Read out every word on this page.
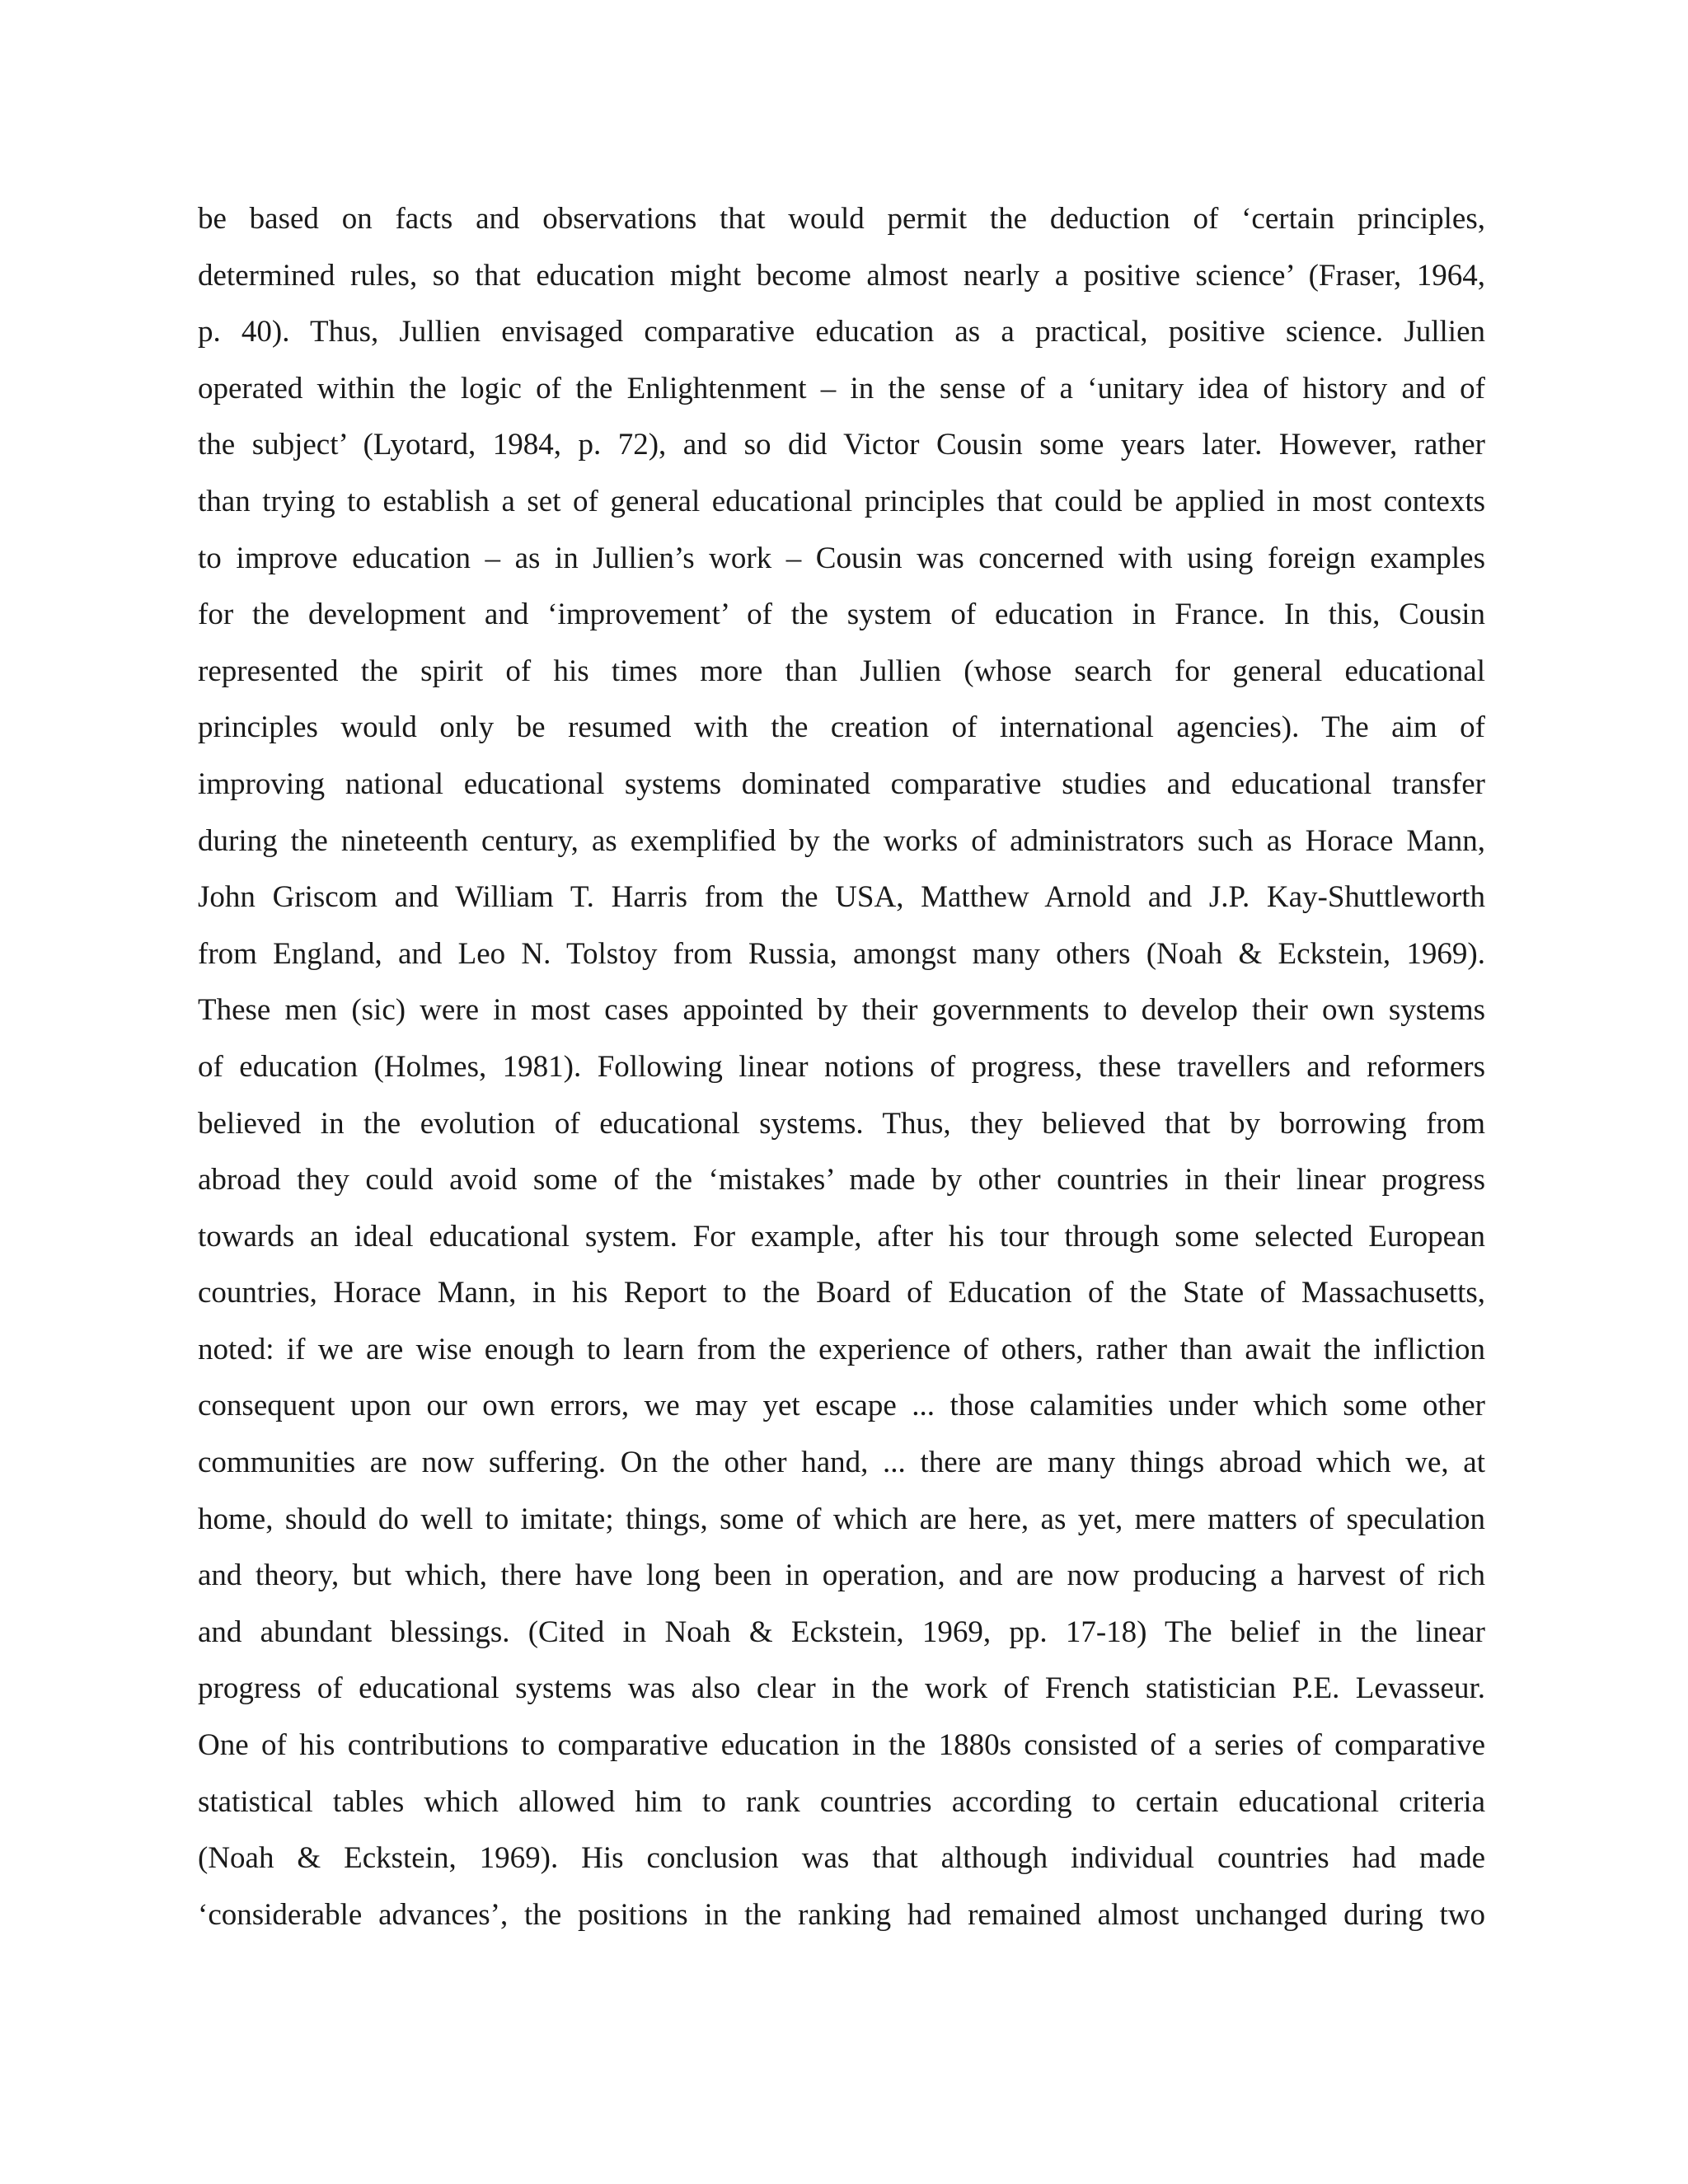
be based on facts and observations that would permit the deduction of ‘certain principles,
determined rules, so that education might become almost nearly a positive science’ (Fraser, 1964,
p. 40). Thus, Jullien envisaged comparative education as a practical, positive science. Jullien
operated within the logic of the Enlightenment – in the sense of a ‘unitary idea of history and of
the subject’ (Lyotard, 1984, p. 72), and so did Victor Cousin some years later. However, rather
than trying to establish a set of general educational principles that could be applied in most contexts
to improve education – as in Jullien’s work – Cousin was concerned with using foreign examples
for the development and ‘improvement’ of the system of education in France. In this, Cousin
represented the spirit of his times more than Jullien (whose search for general educational
principles would only be resumed with the creation of international agencies). The aim of
improving national educational systems dominated comparative studies and educational transfer
during the nineteenth century, as exemplified by the works of administrators such as Horace Mann,
John Griscom and William T. Harris from the USA, Matthew Arnold and J.P. Kay-Shuttleworth
from England, and Leo N. Tolstoy from Russia, amongst many others (Noah & Eckstein, 1969).
These men (sic) were in most cases appointed by their governments to develop their own systems
of education (Holmes, 1981). Following linear notions of progress, these travellers and reformers
believed in the evolution of educational systems. Thus, they believed that by borrowing from
abroad they could avoid some of the ‘mistakes’ made by other countries in their linear progress
towards an ideal educational system. For example, after his tour through some selected European
countries, Horace Mann, in his Report to the Board of Education of the State of Massachusetts,
noted: if we are wise enough to learn from the experience of others, rather than await the infliction
consequent upon our own errors, we may yet escape ... those calamities under which some other
communities are now suffering. On the other hand, ... there are many things abroad which we, at
home, should do well to imitate; things, some of which are here, as yet, mere matters of speculation
and theory, but which, there have long been in operation, and are now producing a harvest of rich
and abundant blessings. (Cited in Noah & Eckstein, 1969, pp. 17-18) The belief in the linear
progress of educational systems was also clear in the work of French statistician P.E. Levasseur.
One of his contributions to comparative education in the 1880s consisted of a series of comparative
statistical tables which allowed him to rank countries according to certain educational criteria
(Noah & Eckstein, 1969). His conclusion was that although individual countries had made
‘considerable advances’, the positions in the ranking had remained almost unchanged during two
